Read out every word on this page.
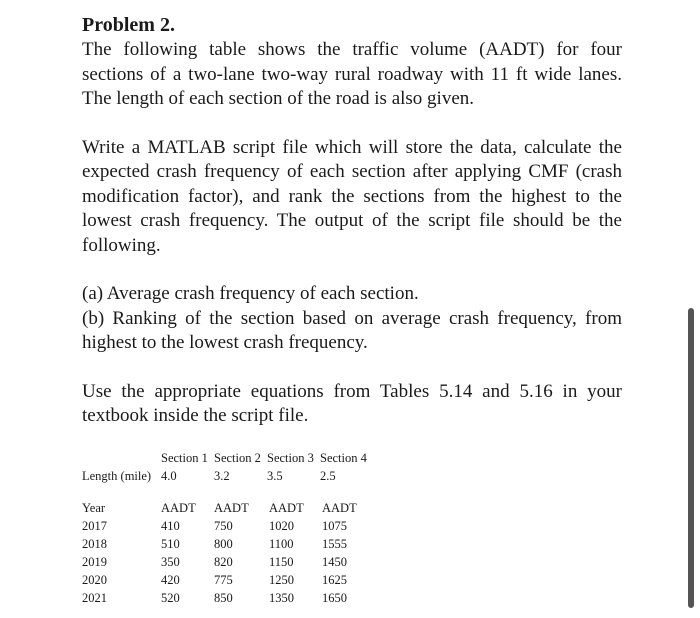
Problem 2.

The following table shows the traffic volume (AADT) for four sections of a two-lane two-way rural roadway with 11 ft wide lanes. The length of each section of the road is also given.

Write a MATLAB script file which will store the data, calculate the expected crash frequency of each section after applying CMF (crash modification factor), and rank the sections from the highest to the lowest crash frequency. The output of the script file should be the following.

(a) Average crash frequency of each section.
(b) Ranking of the section based on average crash frequency, from highest to the lowest crash frequency.

Use the appropriate equations from Tables 5.14 and 5.16 in your textbook inside the script file.

Section 1 Section 2 Section 3 Section 4
Length (mile) 4.0	3.2	3.5	2.5
Year	AADT AADT AADT AADT
2017	410	750	1020 1075
2018	510	800	1100 1555
2019	350	820	1150 1450
2020	420	775	1250 1625
2021	520	850	1350 1650
